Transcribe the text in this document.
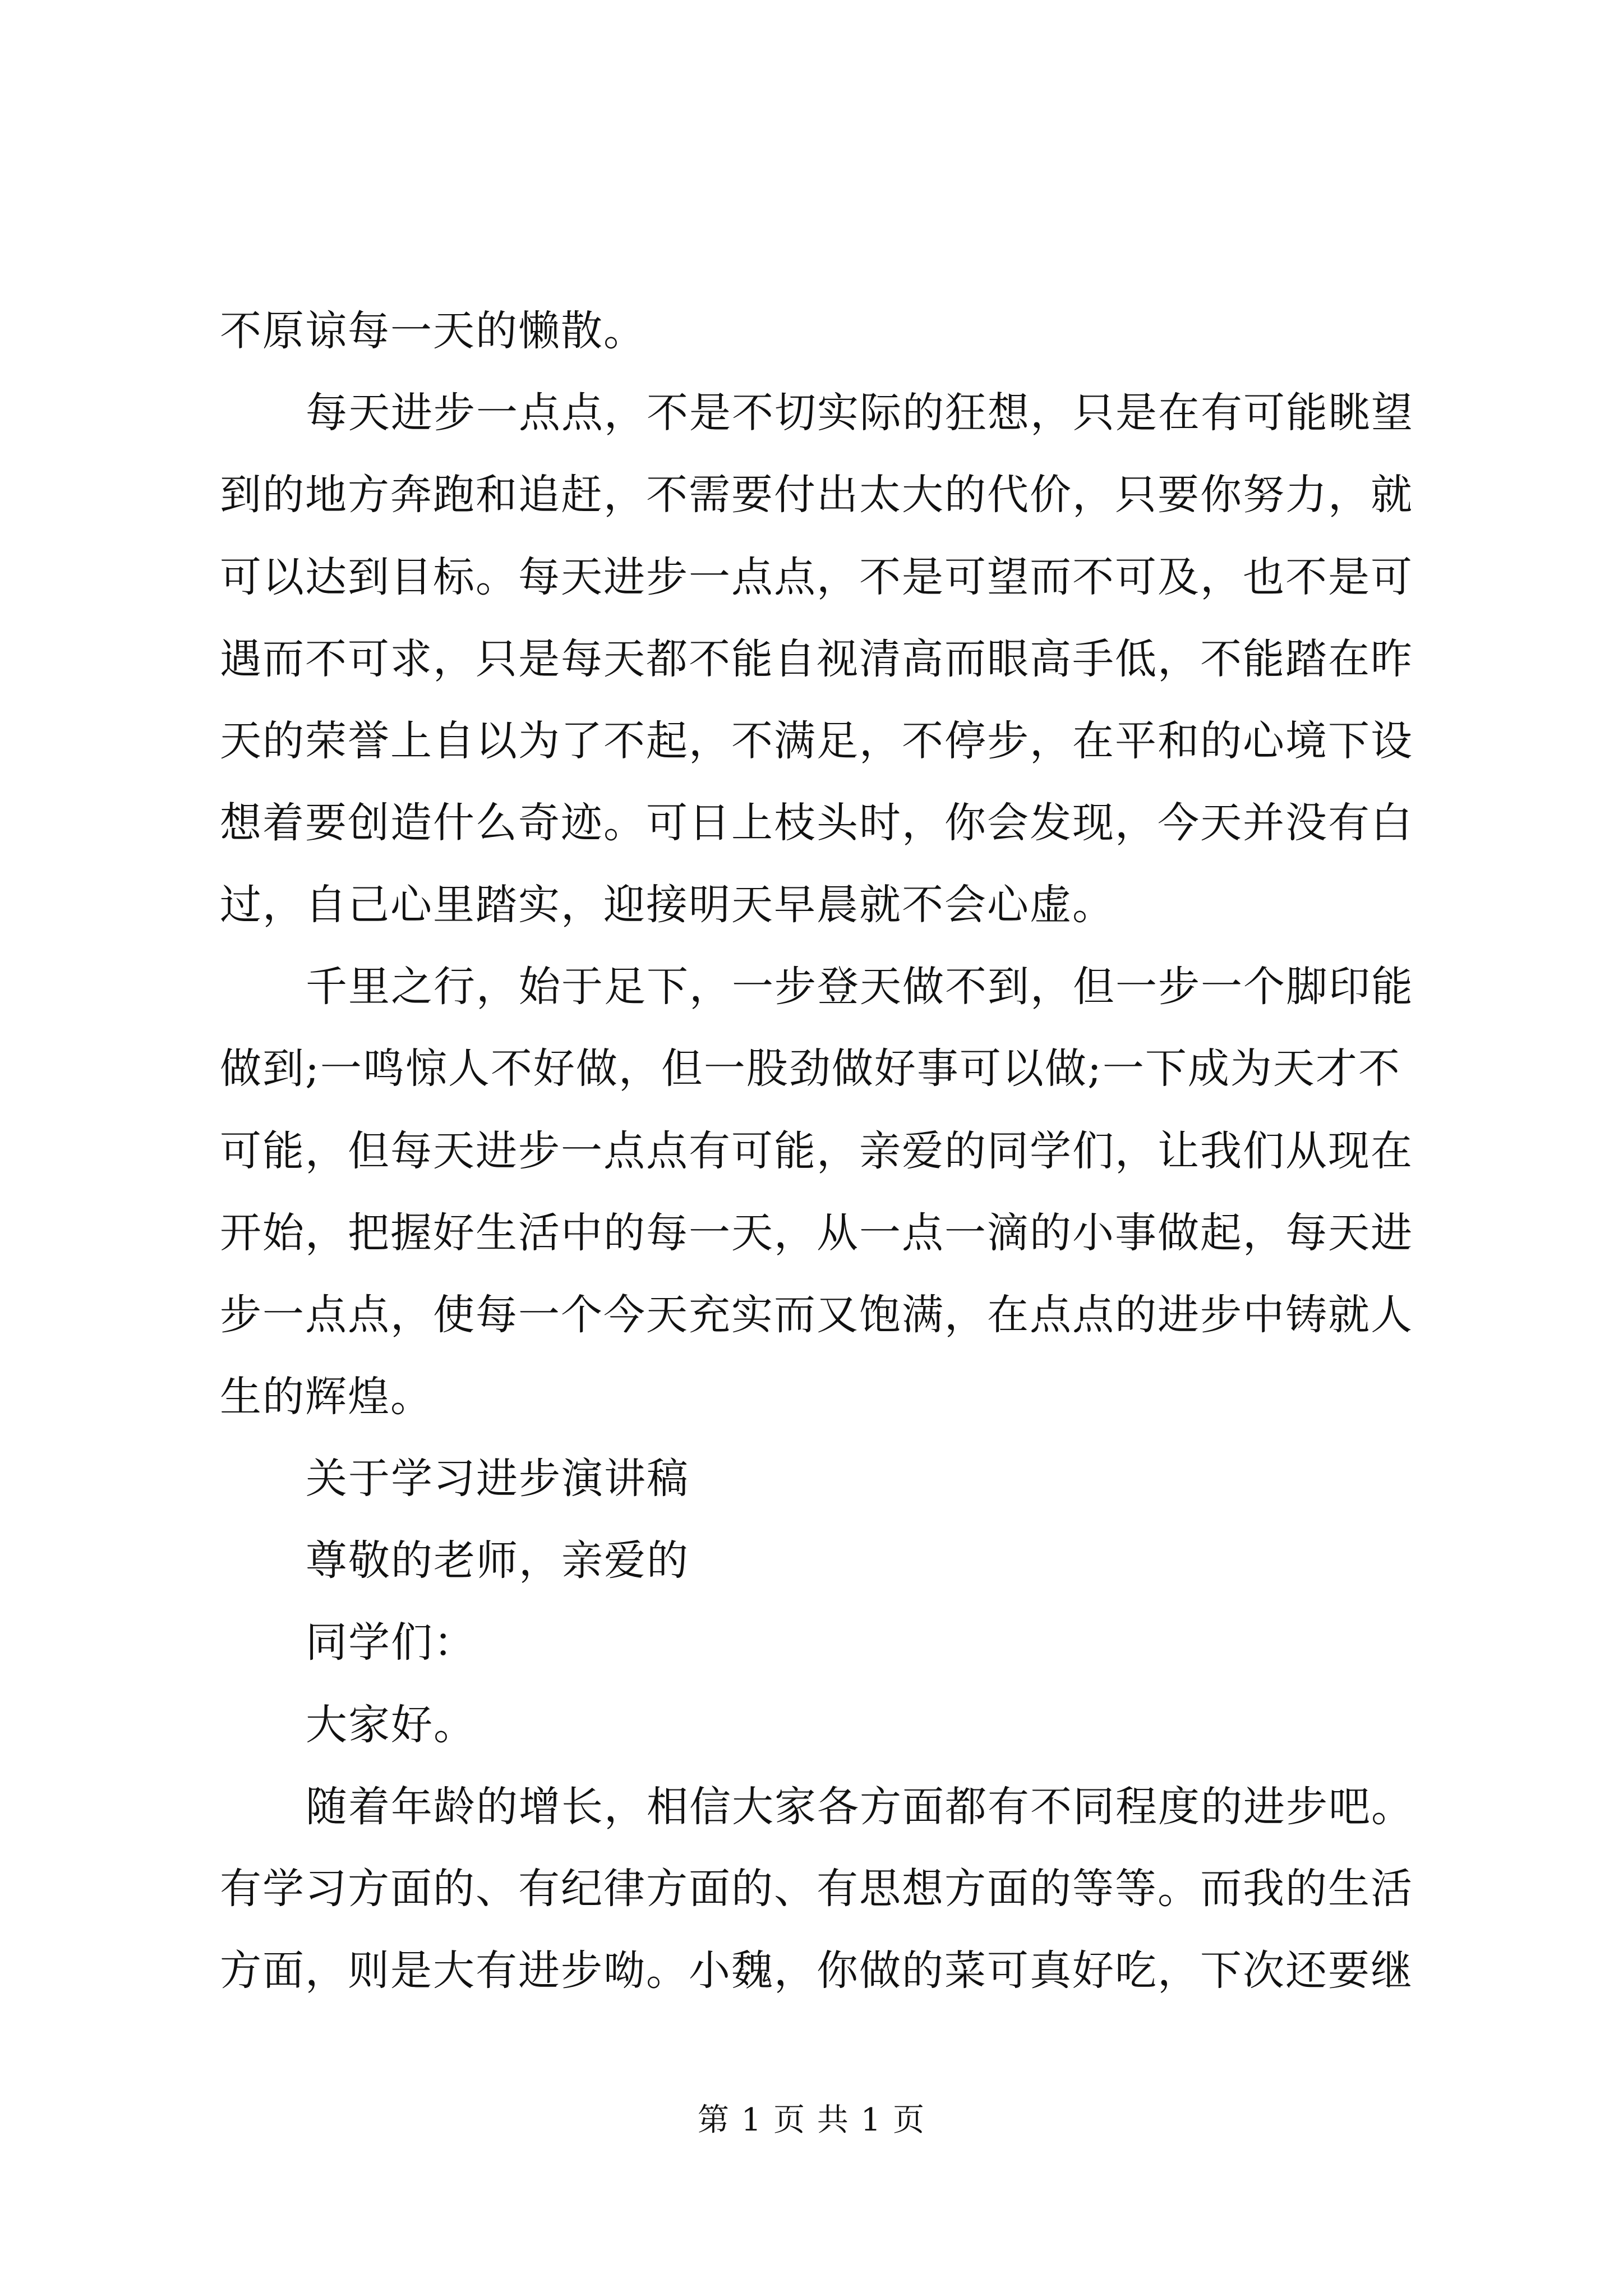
不原谅每一天的懒散。
每天进步一点点，不是不切实际的狂想，只是在有可能眺望
到的地方奔跑和追赶，不需要付出太大的代价，只要你努力，就
可以达到目标。每天进步一点点，不是可望而不可及，也不是可
遇而不可求，只是每天都不能自视清高而眼高手低，不能踏在昨
天的荣誉上自以为了不起，不满足，不停步，在平和的心境下设
想着要创造什么奇迹。可日上枝头时，你会发现，今天并没有白
过，自己心里踏实，迎接明天早晨就不会心虚。
千里之行，始于足下，一步登天做不到，但一步一个脚印能
做到;一鸣惊人不好做，但一股劲做好事可以做;一下成为天才不
可能，但每天进步一点点有可能，亲爱的同学们，让我们从现在
开始，把握好生活中的每一天，从一点一滴的小事做起，每天进
步一点点，使每一个今天充实而又饱满，在点点的进步中铸就人
生的辉煌。
关于学习进步演讲稿
尊敬的老师，亲爱的
同学们：
大家好。
随着年龄的增长，相信大家各方面都有不同程度的进步吧。
有学习方面的、有纪律方面的、有思想方面的等等。而我的生活
方面，则是大有进步呦。小魏，你做的菜可真好吃，下次还要继
第 1 页 共 1 页
